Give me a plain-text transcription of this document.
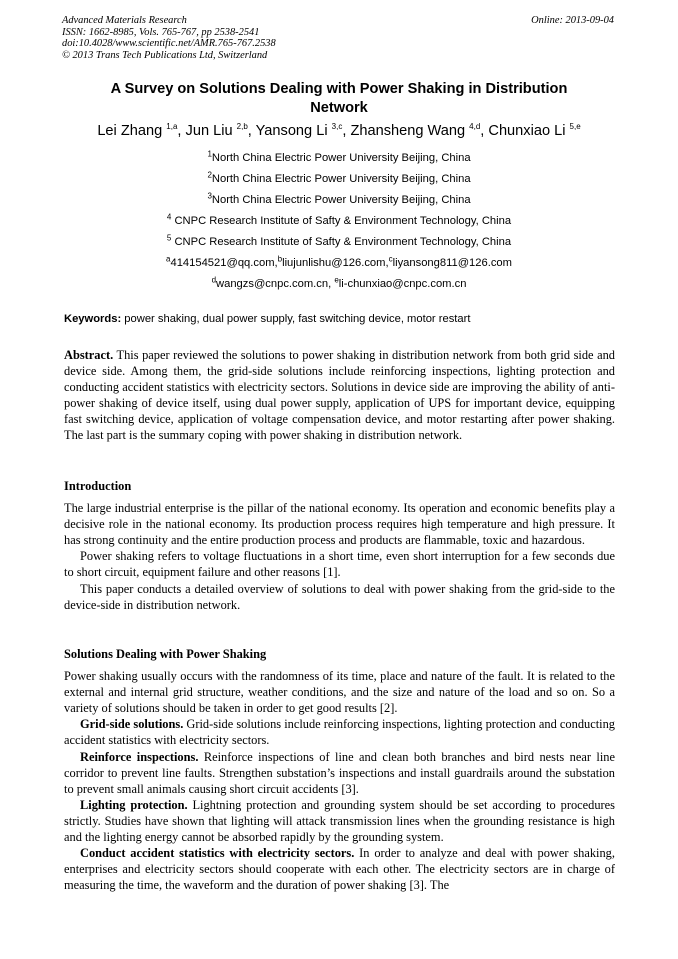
Advanced Materials Research
ISSN: 1662-8985, Vols. 765-767, pp 2538-2541
doi:10.4028/www.scientific.net/AMR.765-767.2538
© 2013 Trans Tech Publications Ltd, Switzerland
Online: 2013-09-04
A Survey on Solutions Dealing with Power Shaking in Distribution
Network
Lei Zhang $^{1,a}$, Jun Liu $^{2,b}$, Yansong Li $^{3,c}$, Zhansheng Wang $^{4,d}$, Chunxiao Li $^{5,e}$
$^1$North China Electric Power University Beijing, China
$^2$North China Electric Power University Beijing, China
$^3$North China Electric Power University Beijing, China
$^4$ CNPC Research Institute of Safty & Environment Technology, China
$^5$ CNPC Research Institute of Safty & Environment Technology, China
$^a$414154521@qq.com,$^b$liujunlishu@126.com,$^c$liyansong811@126.com
$^d$wangzs@cnpc.com.cn, $^e$li-chunxiao@cnpc.com.cn
Keywords: power shaking, dual power supply, fast switching device, motor restart

Abstract. This paper reviewed the solutions to power shaking in distribution network from both grid side and device side. Among them, the grid-side solutions include reinforcing inspections, lighting protection and conducting accident statistics with electricity sectors. Solutions in device side are improving the ability of anti-power shaking of device itself, using dual power supply, application of UPS for important device, equipping fast switching device, application of voltage compensation device, and motor restarting after power shaking. The last part is the summary coping with power shaking in distribution network.

Introduction

The large industrial enterprise is the pillar of the national economy. Its operation and economic benefits play a decisive role in the national economy. Its production process requires high temperature and high pressure. It has strong continuity and the entire production process and products are flammable, toxic and hazardous.

Power shaking refers to voltage fluctuations in a short time, even short interruption for a few seconds due to short circuit, equipment failure and other reasons [1].

This paper conducts a detailed overview of solutions to deal with power shaking from the grid-side to the device-side in distribution network.

Solutions Dealing with Power Shaking

Power shaking usually occurs with the randomness of its time, place and nature of the fault. It is related to the external and internal grid structure, weather conditions, and the size and nature of the load and so on. So a variety of solutions should be taken in order to get good results [2].

Grid-side solutions. Grid-side solutions include reinforcing inspections, lighting protection and conducting accident statistics with electricity sectors.

Reinforce inspections. Reinforce inspections of line and clean both branches and bird nests near line corridor to prevent line faults. Strengthen substation’s inspections and install guardrails around the substation to prevent small animals causing short circuit accidents [3].

Lighting protection. Lightning protection and grounding system should be set according to procedures strictly. Studies have shown that lighting will attack transmission lines when the grounding resistance is high and the lighting energy cannot be absorbed rapidly by the grounding system.

Conduct accident statistics with electricity sectors. In order to analyze and deal with power shaking, enterprises and electricity sectors should cooperate with each other. The electricity sectors are in charge of measuring the time, the waveform and the duration of power shaking [3]. The
